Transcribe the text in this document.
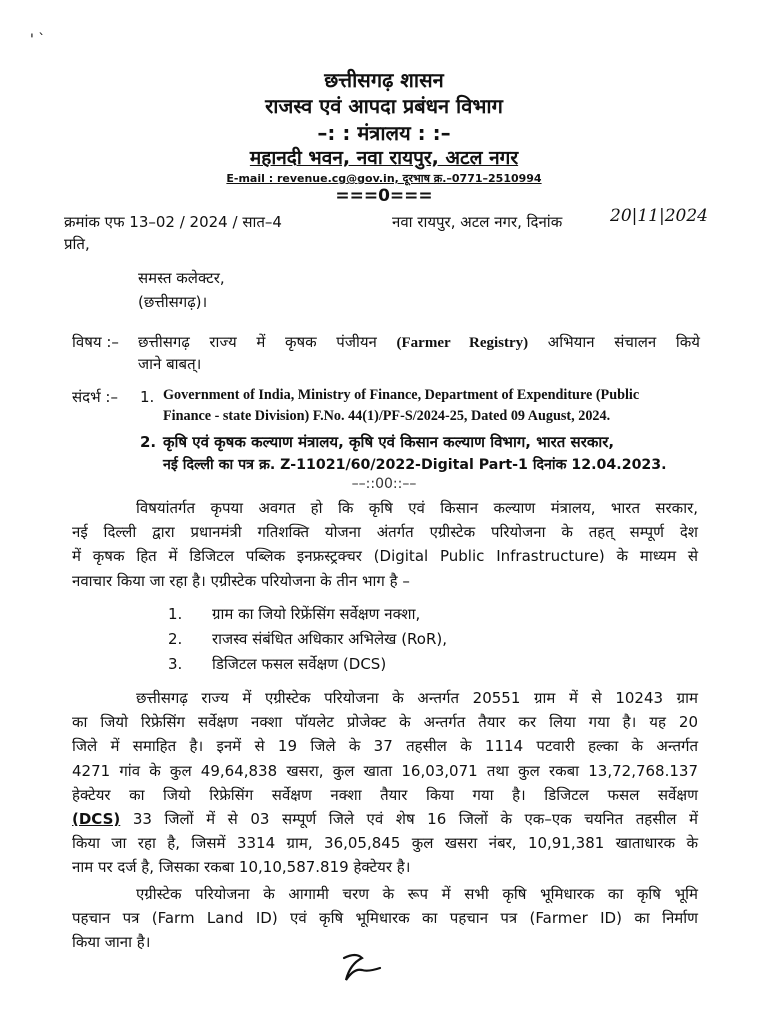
' ˋ
छत्तीसगढ़ शासन
राजस्व एवं आपदा प्रबंधन विभाग
–: : मंत्रालय : :–
महानदी भवन, नवा रायपुर, अटल नगर
E-mail : revenue.cg@gov.in, दूरभाष क्र.–0771–2510994
===0===
क्रमांक एफ 13–02 / 2024 / सात–4	नवा रायपुर, अटल नगर, दिनांक	20|11|2024
प्रति,
समस्त कलेक्टर,
(छत्तीसगढ़)।
विषय :– छत्तीसगढ़ राज्य में कृषक पंजीयन (Farmer Registry) अभियान संचालन किये
जाने बाबत्।
संदर्भ :– 1. Government of India, Ministry of Finance, Department of Expenditure (Public
Finance - state Division) F.No. 44(1)/PF-S/2024-25, Dated 09 August, 2024.
2. कृषि एवं कृषक कल्याण मंत्रालय, कृषि एवं किसान कल्याण विभाग, भारत सरकार,
नई दिल्ली का पत्र क्र. Z-11021/60/2022-Digital Part-1 दिनांक 12.04.2023.
––::00::––
विषयांतर्गत कृपया अवगत हो कि कृषि एवं किसान कल्याण मंत्रालय, भारत सरकार,
नई दिल्ली द्वारा प्रधानमंत्री गतिशक्ति योजना अंतर्गत एग्रीस्टेक परियोजना के तहत् सम्पूर्ण देश
में कृषक हित में डिजिटल पब्लिक इनफ्रस्ट्रक्चर (Digital Public Infrastructure) के माध्यम से
नवाचार किया जा रहा है। एग्रीस्टेक परियोजना के तीन भाग है –
1. ग्राम का जियो रिफ्रेंसिंग सर्वेक्षण नक्शा,
2. राजस्व संबंधित अधिकार अभिलेख (RoR),
3. डिजिटल फसल सर्वेक्षण (DCS)
छत्तीसगढ़ राज्य में एग्रीस्टेक परियोजना के अन्तर्गत 20551 ग्राम में से 10243 ग्राम
का जियो रिफ्रेसिंग सर्वेक्षण नक्शा पॉयलेट प्रोजेक्ट के अन्तर्गत तैयार कर लिया गया है। यह 20
जिले में समाहित है। इनमें से 19 जिले के 37 तहसील के 1114 पटवारी हल्का के अन्तर्गत
4271 गांव के कुल 49,64,838 खसरा, कुल खाता 16,03,071 तथा कुल रकबा 13,72,768.137
हेक्टेयर का जियो रिफ्रेसिंग सर्वेक्षण नक्शा तैयार किया गया है। डिजिटल फसल सर्वेक्षण
(DCS) 33 जिलों में से 03 सम्पूर्ण जिले एवं शेष 16 जिलों के एक–एक चयनित तहसील में
किया जा रहा है, जिसमें 3314 ग्राम, 36,05,845 कुल खसरा नंबर, 10,91,381 खाताधारक के
नाम पर दर्ज है, जिसका रकबा 10,10,587.819 हेक्टेयर है।
एग्रीस्टेक परियोजना के आगामी चरण के रूप में सभी कृषि भूमिधारक का कृषि भूमि
पहचान पत्र (Farm Land ID) एवं कृषि भूमिधारक का पहचान पत्र (Farmer ID) का निर्माण
किया जाना है।
